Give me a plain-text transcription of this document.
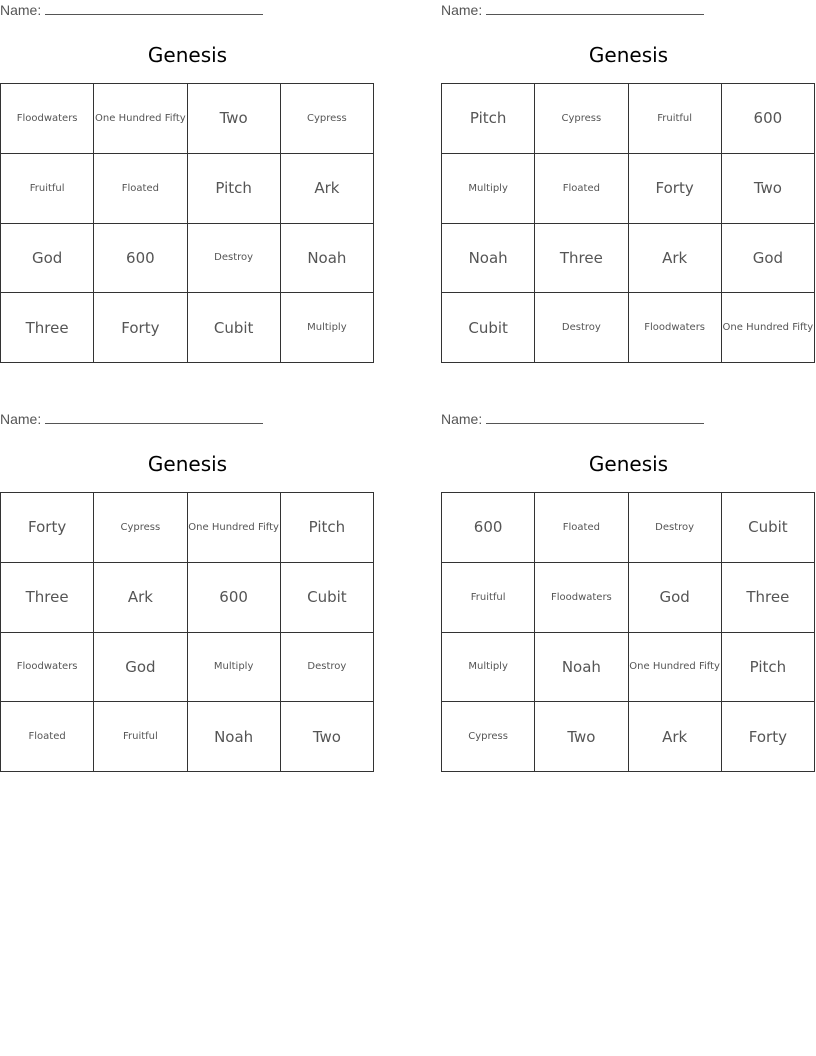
Name:
Genesis
Floodwaters	One Hundred Fifty	Two	Cypress
Fruitful	Floated	Pitch	Ark
God	600	Destroy	Noah
Three	Forty	Cubit	Multiply
Name:
Genesis
Pitch	Cypress	Fruitful	600
Multiply	Floated	Forty	Two
Noah	Three	Ark	God
Cubit	Destroy	Floodwaters	One Hundred Fifty
Name:
Genesis
Forty	Cypress	One Hundred Fifty	Pitch
Three	Ark	600	Cubit
Floodwaters	God	Multiply	Destroy
Floated	Fruitful	Noah	Two
Name:
Genesis
600	Floated	Destroy	Cubit
Fruitful	Floodwaters	God	Three
Multiply	Noah	One Hundred Fifty	Pitch
Cypress	Two	Ark	Forty
